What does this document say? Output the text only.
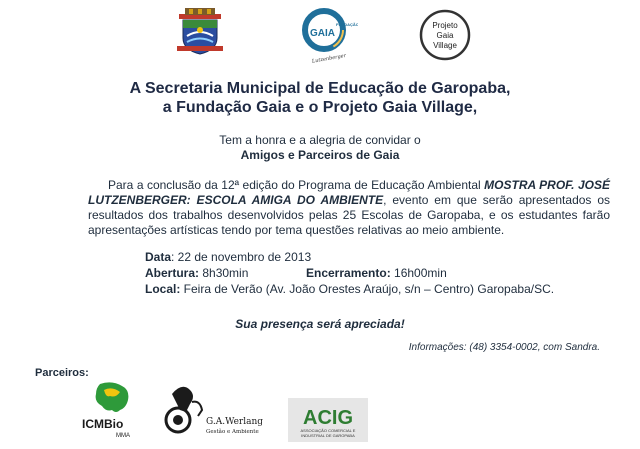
FUNDAÇÃO
GAIA
Lutzenberger
Projeto
Gaia
Village
A Secretaria Municipal de Educação de Garopaba,
a Fundação Gaia e o Projeto Gaia Village,
Tem a honra e a alegria de convidar o
Amigos e Parceiros de Gaia
Para a conclusão da 12ª edição do Programa de Educação Ambiental MOSTRA PROF. JOSÉ LUTZENBERGER: ESCOLA AMIGA DO AMBIENTE, evento em que serão apresentados os resultados dos trabalhos desenvolvidos pelas 25 Escolas de Garopaba, e os estudantes farão apresentações artísticas tendo por tema questões relativas ao meio ambiente.
Data: 22 de novembro de 2013
Abertura: 8h30min	Encerramento: 16h00min
Local: Feira de Verão (Av. João Orestes Araújo, s/n – Centro) Garopaba/SC.
Sua presença será apreciada!
Informações: (48) 3354-0002, com Sandra.
Parceiros:
ICMBio
MMA
G.A.Werlang
Gestão e Ambiente
ACIG
ASSOCIAÇÃO COMERCIAL E
INDUSTRIAL DE GAROPABA
